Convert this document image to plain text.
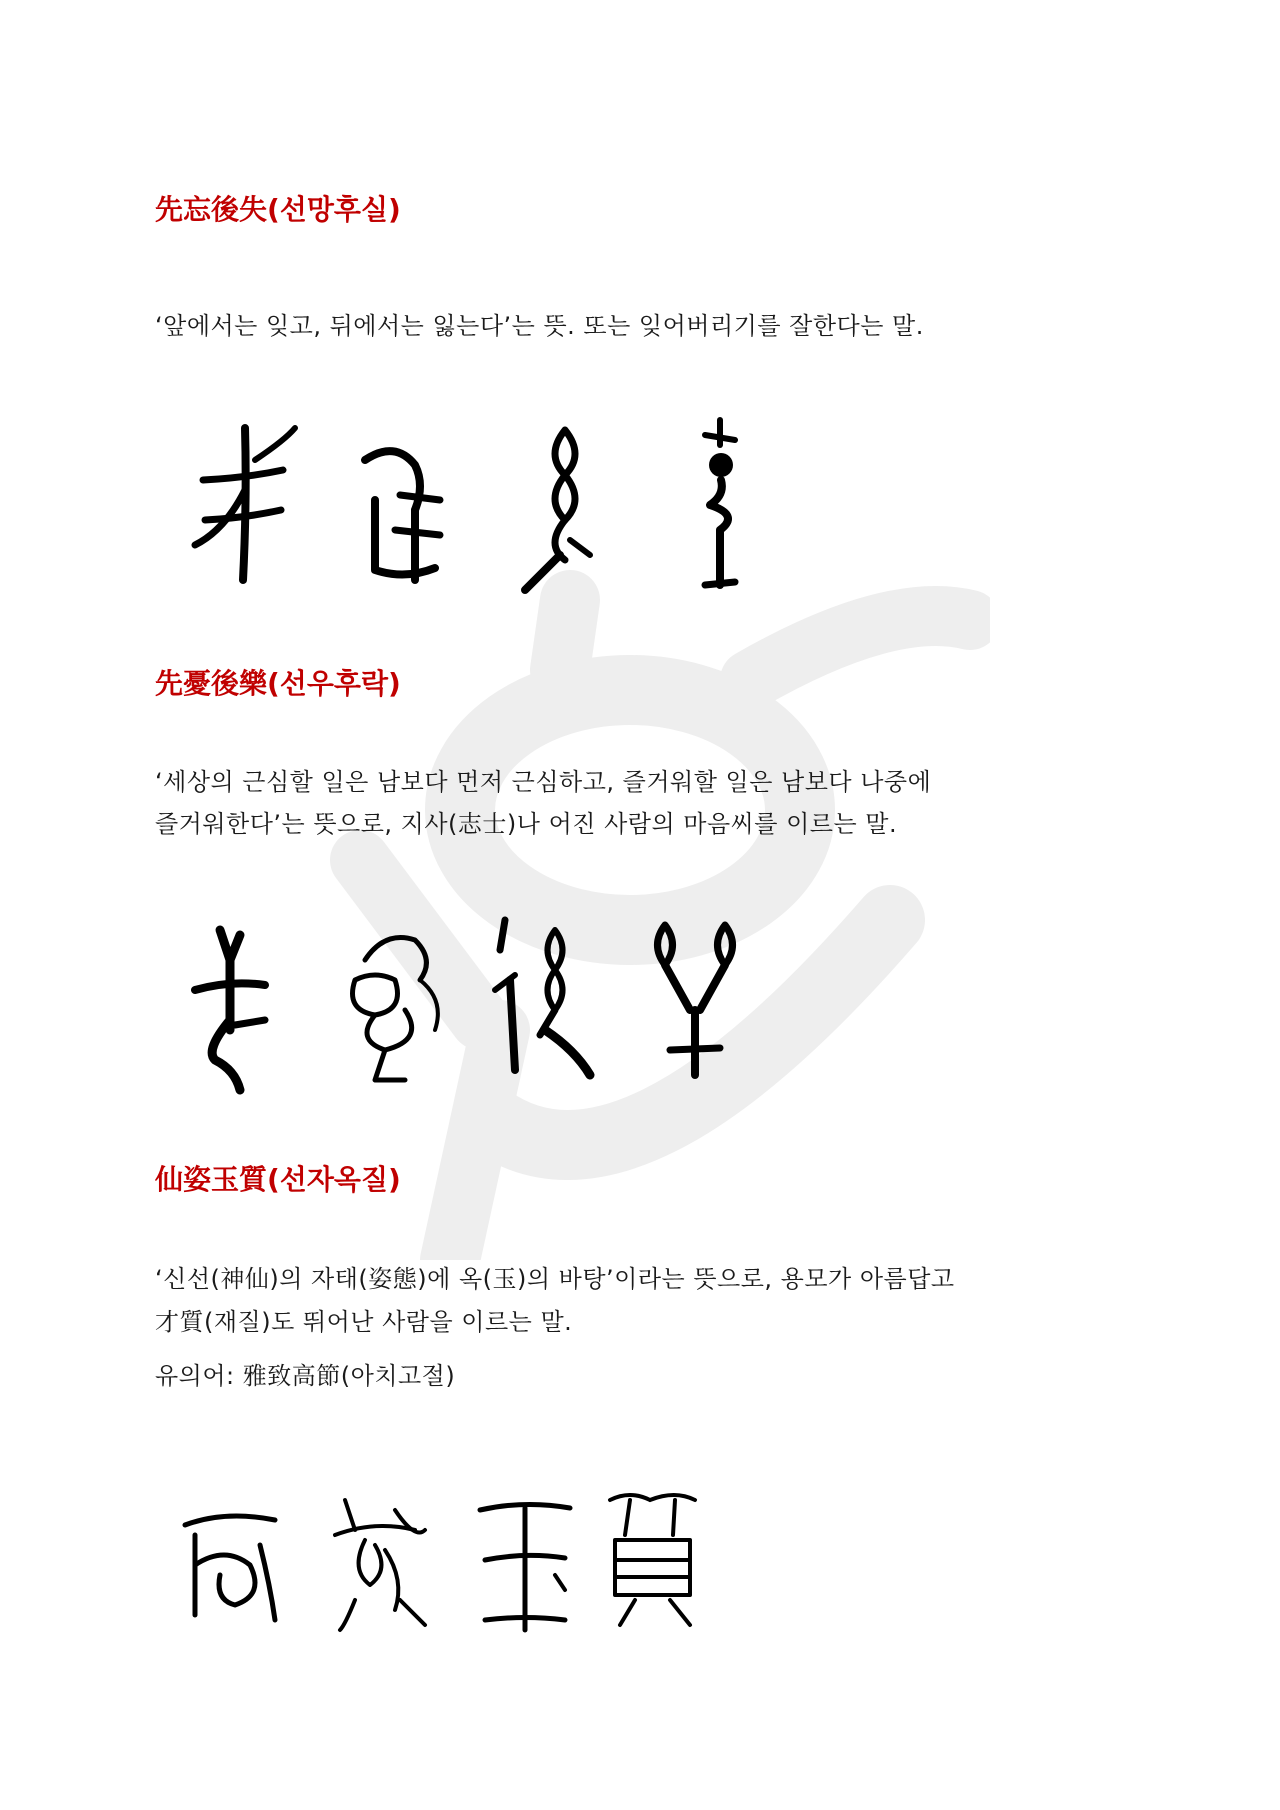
先忘後失(선망후실)

‘앞에서는 잊고, 뒤에서는 잃는다’는 뜻. 또는 잊어버리기를 잘한다는 말.

先憂後樂(선우후락)

‘세상의 근심할 일은 남보다 먼저 근심하고, 즐거워할 일은 남보다 나중에

즐거워한다’는 뜻으로, 지사(志士)나 어진 사람의 마음씨를 이르는 말.

仙姿玉質(선자옥질)

‘신선(神仙)의 자태(姿態)에 옥(玉)의 바탕’이라는 뜻으로, 용모가 아름답고

才質(재질)도 뛰어난 사람을 이르는 말.

유의어: 雅致高節(아치고절)
